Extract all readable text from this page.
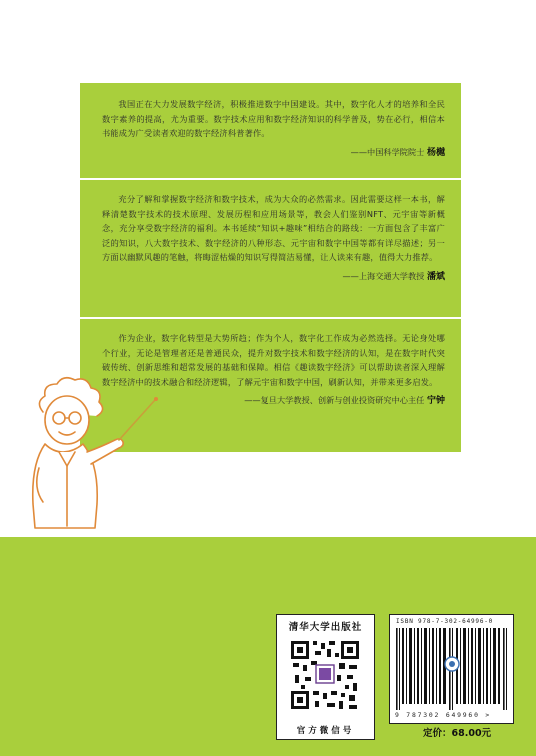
我国正在大力发展数字经济，积极推进数字中国建设。其中，数字化人才的培养和全民数字素养的提高，尤为重要。数字技术应用和数字经济知识的科学普及，势在必行，相信本书能成为广受读者欢迎的数字经济科普著作。

——中国科学院院士 杨樾

充分了解和掌握数字经济和数字技术，成为大众的必然需求。因此需要这样一本书，解释清楚数字技术的技术原理、发展历程和应用场景等，教会人们鉴别NFT、元宇宙等新概念，充分享受数字经济的福利。本书延续“知识+趣味”相结合的路线：一方面包含了丰富广泛的知识，八大数字技术、数字经济的八种形态、元宇宙和数字中国等都有详尽描述；另一方面以幽默风趣的笔触，将晦涩枯燥的知识写得简洁易懂，让人读来有趣，值得大力推荐。

——上海交通大学教授 潘斌

作为企业，数字化转型是大势所趋；作为个人，数字化工作成为必然选择。无论身处哪个行业，无论是管理者还是普通民众，提升对数字技术和数字经济的认知，是在数字时代突破传统、创新思维和超常发展的基础和保障。相信《趣读数字经济》可以帮助读者深入理解数字经济中的技术融合和经济逻辑，了解元宇宙和数字中国，刷新认知，并带来更多启发。

——复旦大学教授、创新与创业投资研究中心主任 宁钟
清华大学出版社
官方微信号
ISBN 978-7-302-64996-0
9 787302 649960 >
定价：68.00元
